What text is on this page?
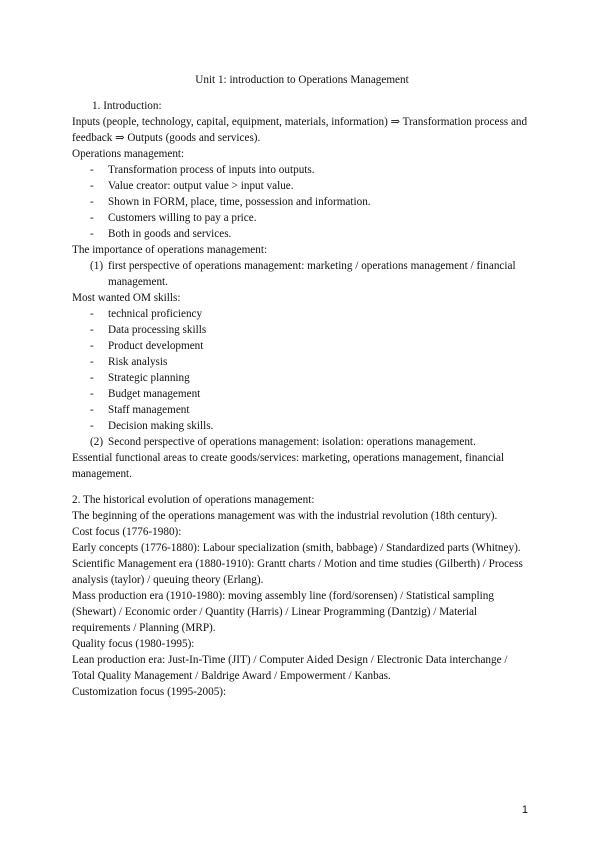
Unit 1: introduction to Operations Management
1. Introduction:
Inputs (people, technology, capital, equipment, materials, information) ⇒ Transformation process and feedback ⇒ Outputs (goods and services).
Operations management:
-	Transformation process of inputs into outputs.
-	Value creator: output value > input value.
-	Shown in FORM, place, time, possession and information.
-	Customers willing to pay a price.
-	Both in goods and services.
The importance of operations management:
(1) first perspective of operations management: marketing / operations management / financial management.
Most wanted OM skills:
-	technical proficiency
-	Data processing skills
-	Product development
-	Risk analysis
-	Strategic planning
-	Budget management
-	Staff management
-	Decision making skills.
(2) Second perspective of operations management: isolation: operations management.
Essential functional areas to create goods/services: marketing, operations management, financial management.
2. The historical evolution of operations management:
The beginning of the operations management was with the industrial revolution (18th century).
Cost focus (1776-1980):
Early concepts (1776-1880): Labour specialization (smith, babbage) / Standardized parts (Whitney).
Scientific Management era (1880-1910): Grantt charts / Motion and time studies (Gilberth) / Process analysis (taylor) / queuing theory (Erlang).
Mass production era (1910-1980): moving assembly line (ford/sorensen) / Statistical sampling (Shewart) / Economic order / Quantity (Harris) / Linear Programming (Dantzig) / Material requirements / Planning (MRP).
Quality focus (1980-1995):
Lean production era: Just-In-Time (JIT) / Computer Aided Design / Electronic Data interchange / Total Quality Management / Baldrige Award / Empowerment / Kanbas.
Customization focus (1995-2005):
1
